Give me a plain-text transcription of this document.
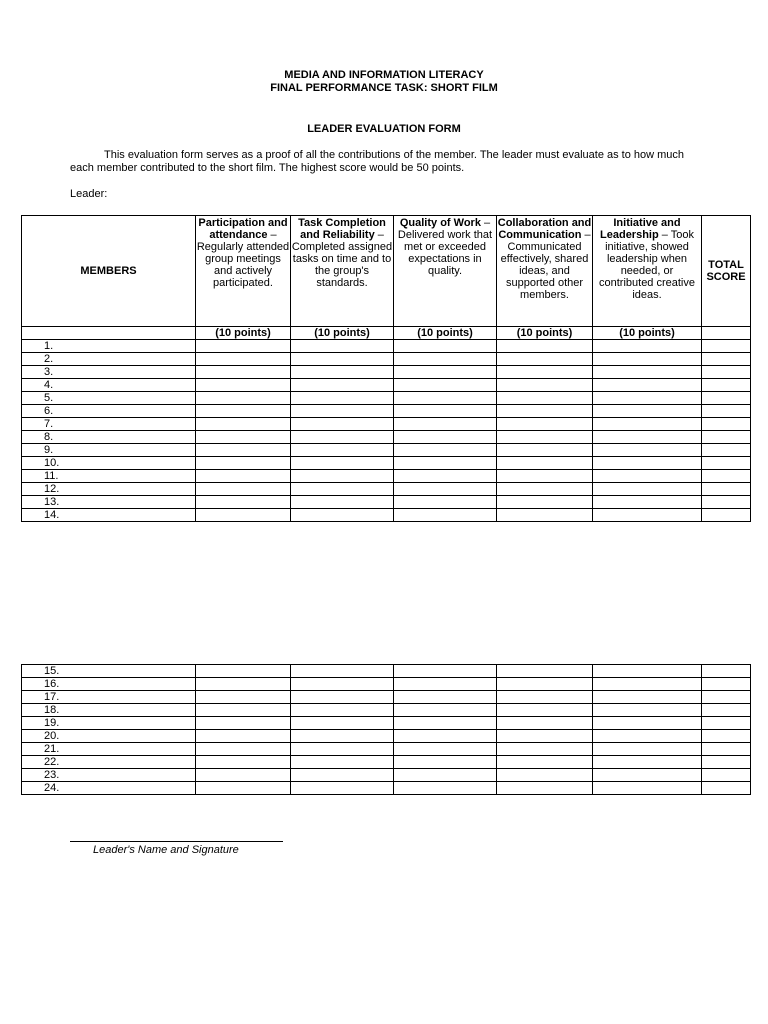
MEDIA AND INFORMATION LITERACY
FINAL PERFORMANCE TASK: SHORT FILM
LEADER EVALUATION FORM
This evaluation form serves as a proof of all the contributions of the member. The leader must evaluate as to how much each member contributed to the short film. The highest score would be 50 points.
Leader:
MEMBERS	Participation and attendance – Regularly attended group meetings and actively participated.	Task Completion and Reliability – Completed assigned tasks on time and to the group's standards.	Quality of Work – Delivered work that met or exceeded expectations in quality.	Collaboration and Communication – Communicated effectively, shared ideas, and supported other members.	Initiative and Leadership – Took initiative, showed leadership when needed, or contributed creative ideas.	TOTAL
SCORE
	(10 points)	(10 points)	(10 points)	(10 points)	(10 points)	
1.						
2.						
3.						
4.						
5.						
6.						
7.						
8.						
9.						
10.						
11.						
12.						
13.						
14.						
15.						
16.						
17.						
18.						
19.						
20.						
21.						
22.						
23.						
24.						
Leader's Name and Signature
